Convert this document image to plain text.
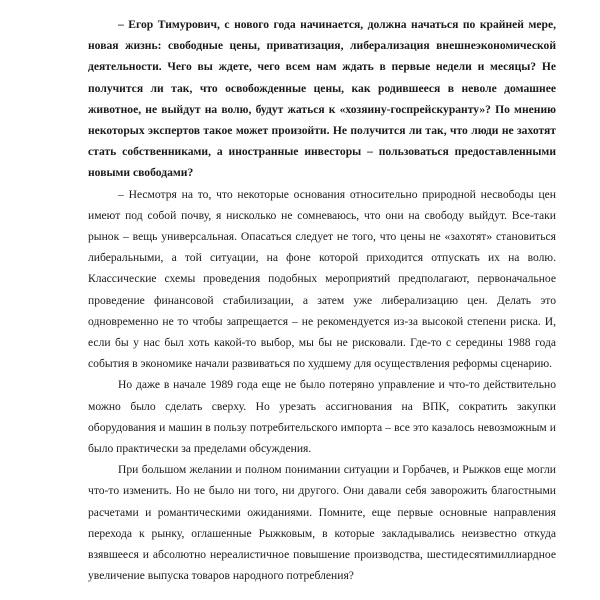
– Егор Тимурович, с нового года начинается, должна начаться по крайней мере, новая жизнь: свободные цены, приватизация, либерализация внешнеэкономической деятельности. Чего вы ждете, чего всем нам ждать в первые недели и месяцы? Не получится ли так, что освобожденные цены, как родившееся в неволе домашнее животное, не выйдут на волю, будут жаться к «хозяину-госпрейскуранту»? По мнению некоторых экспертов такое может произойти. Не получится ли так, что люди не захотят стать собственниками, а иностранные инвесторы – пользоваться предоставленными новыми свободами?

– Несмотря на то, что некоторые основания относительно природной несвободы цен имеют под собой почву, я нисколько не сомневаюсь, что они на свободу выйдут. Все-таки рынок – вещь универсальная. Опасаться следует не того, что цены не «захотят» становиться либеральными, а той ситуации, на фоне которой приходится отпускать их на волю. Классические схемы проведения подобных мероприятий предполагают, первоначальное проведение финансовой стабилизации, а затем уже либерализацию цен. Делать это одновременно не то чтобы запрещается – не рекомендуется из-за высокой степени риска. И, если бы у нас был хоть какой-то выбор, мы бы не рисковали. Где-то с середины 1988 года события в экономике начали развиваться по худшему для осуществления реформы сценарию.

Но даже в начале 1989 года еще не было потеряно управление и что-то действительно можно было сделать сверху. Но урезать ассигнования на ВПК, сократить закупки оборудования и машин в пользу потребительского импорта – все это казалось невозможным и было практически за пределами обсуждения.

При большом желании и полном понимании ситуации и Горбачев, и Рыжков еще могли что-то изменить. Но не было ни того, ни другого. Они давали себя заворожить благостными расчетами и романтическими ожиданиями. Помните, еще первые основные направления перехода к рынку, оглашенные Рыжковым, в которые закладывались неизвестно откуда взявшееся и абсолютно нереалистичное повышение производства, шестидесятимиллиардное увеличение выпуска товаров народного потребления?
